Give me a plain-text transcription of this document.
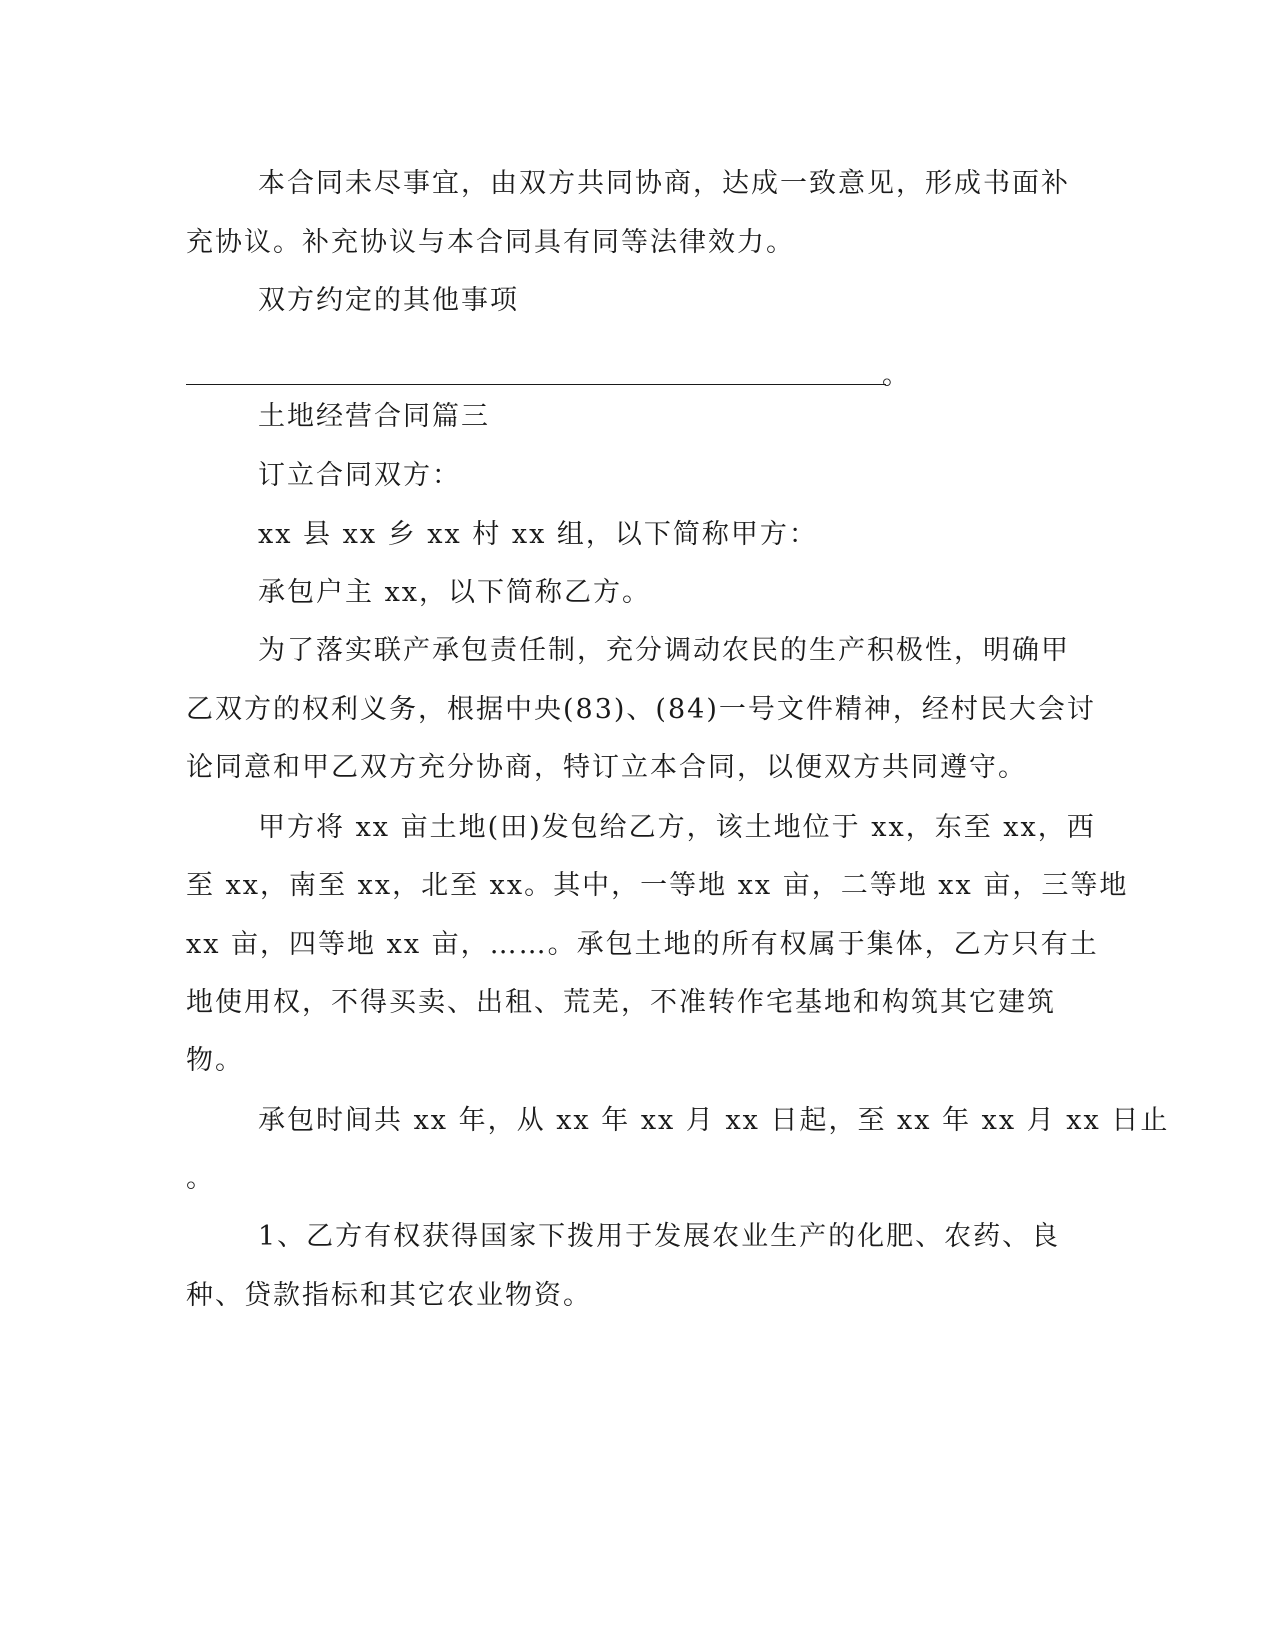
本合同未尽事宜，由双方共同协商，达成一致意见，形成书面补
充协议。补充协议与本合同具有同等法律效力。
双方约定的其他事项
。
土地经营合同篇三
订立合同双方：
xx 县 xx 乡 xx 村 xx 组，以下简称甲方：
承包户主 xx，以下简称乙方。
为了落实联产承包责任制，充分调动农民的生产积极性，明确甲
乙双方的权利义务，根据中央(83)、(84)一号文件精神，经村民大会讨
论同意和甲乙双方充分协商，特订立本合同，以便双方共同遵守。
甲方将 xx 亩土地(田)发包给乙方，该土地位于 xx，东至 xx，西
至 xx，南至 xx，北至 xx。其中，一等地 xx 亩，二等地 xx 亩，三等地
xx 亩，四等地 xx 亩，……。承包土地的所有权属于集体，乙方只有土
地使用权，不得买卖、出租、荒芜，不准转作宅基地和构筑其它建筑
物。
承包时间共 xx 年，从 xx 年 xx 月 xx 日起，至 xx 年 xx 月 xx 日止
。
1、乙方有权获得国家下拨用于发展农业生产的化肥、农药、良
种、贷款指标和其它农业物资。
